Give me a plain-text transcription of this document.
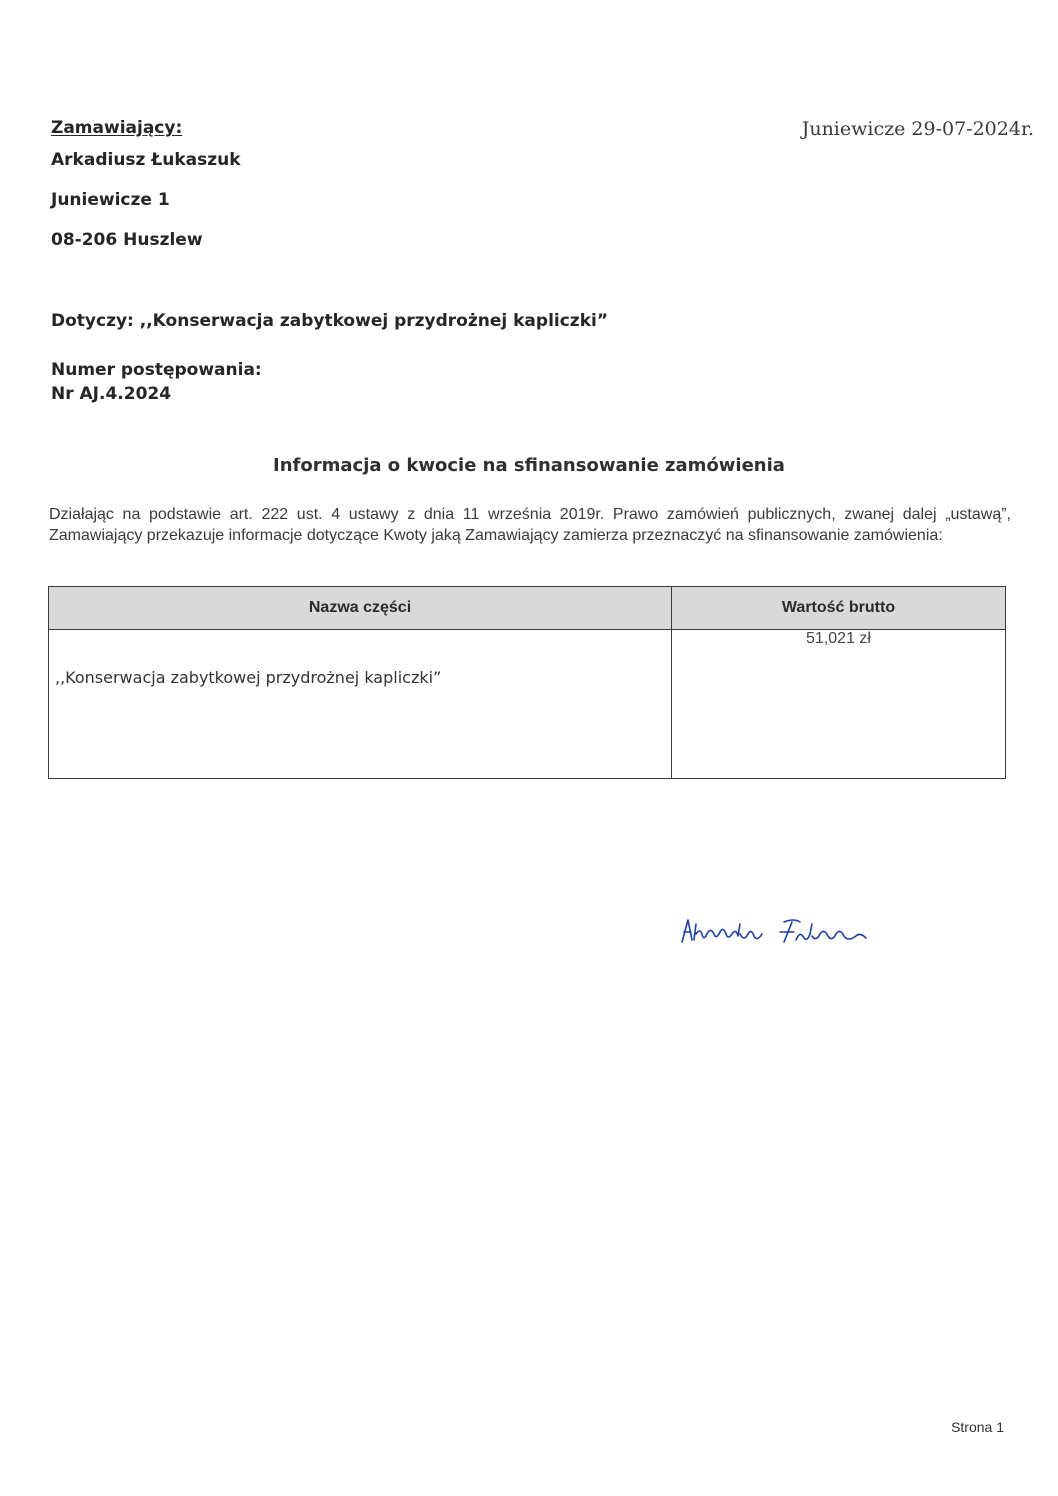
Zamawiający:
Arkadiusz Łukaszuk
Juniewicze 1
08-206 Huszlew
Juniewicze 29-07-2024r.
Dotyczy: ,,Konserwacja zabytkowej przydrożnej kapliczki”
Numer postępowania:
Nr AJ.4.2024
Informacja o kwocie na sfinansowanie zamówienia
Działając na podstawie art. 222 ust. 4 ustawy z dnia 11 września 2019r. Prawo zamówień publicznych, zwanej dalej „ustawą”, Zamawiający przekazuje informacje dotyczące Kwoty jaką Zamawiający zamierza przeznaczyć na sfinansowanie zamówienia:
Nazwa części	Wartość brutto
,,Konserwacja zabytkowej przydrożnej kapliczki”	51,021 zł
Strona 1
